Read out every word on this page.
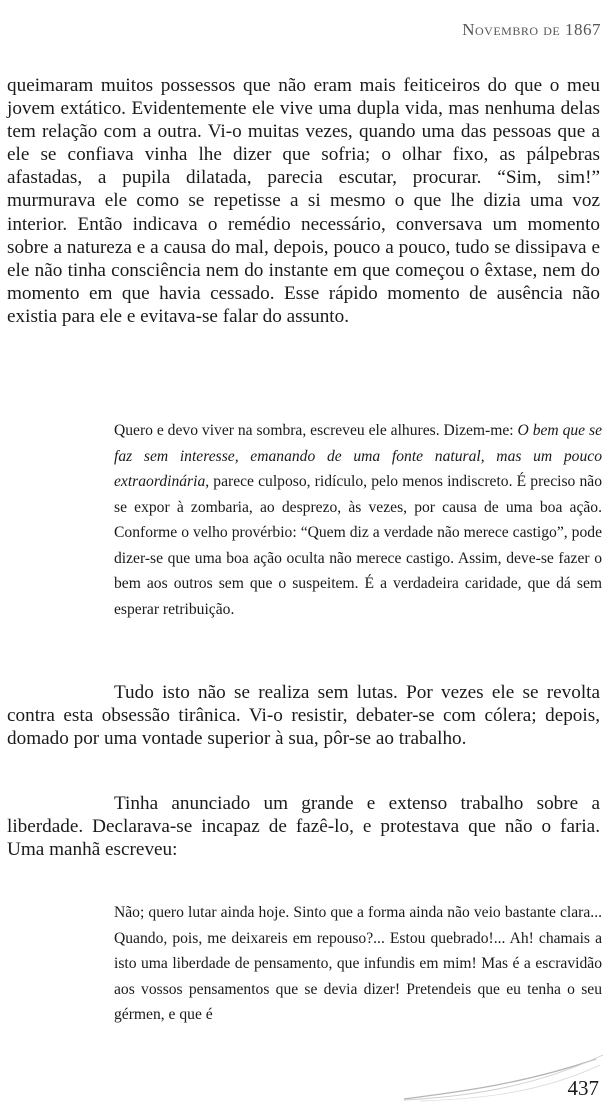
Novembro de 1867

queimaram muitos possessos que não eram mais feiticeiros do que o meu jovem extático. Evidentemente ele vive uma dupla vida, mas nenhuma delas tem relação com a outra. Vi-o muitas vezes, quando uma das pessoas que a ele se confiava vinha lhe dizer que sofria; o olhar fixo, as pálpebras afastadas, a pupila dilatada, parecia escutar, procurar. “Sim, sim!” murmurava ele como se repetisse a si mesmo o que lhe dizia uma voz interior. Então indicava o remédio necessário, conversava um momento sobre a natureza e a causa do mal, depois, pouco a pouco, tudo se dissipava e ele não tinha consciência nem do instante em que começou o êxtase, nem do momento em que havia cessado. Esse rápido momento de ausência não existia para ele e evitava-se falar do assunto.

Quero e devo viver na sombra, escreveu ele alhures. Dizem-me: O bem que se faz sem interesse, emanando de uma fonte natural, mas um pouco extraordinária, parece culposo, ridículo, pelo menos indiscreto. É preciso não se expor à zombaria, ao desprezo, às vezes, por causa de uma boa ação. Conforme o velho provérbio: “Quem diz a verdade não merece castigo”, pode dizer-se que uma boa ação oculta não merece castigo. Assim, deve-se fazer o bem aos outros sem que o suspeitem. É a verdadeira caridade, que dá sem esperar retribuição.

Tudo isto não se realiza sem lutas. Por vezes ele se revolta contra esta obsessão tirânica. Vi-o resistir, debater-se com cólera; depois, domado por uma vontade superior à sua, pôr-se ao trabalho.

Tinha anunciado um grande e extenso trabalho sobre a liberdade. Declarava-se incapaz de fazê-lo, e protestava que não o faria. Uma manhã escreveu:

Não; quero lutar ainda hoje. Sinto que a forma ainda não veio bastante clara... Quando, pois, me deixareis em repouso?... Estou quebrado!... Ah! chamais a isto uma liberdade de pensamento, que infundis em mim! Mas é a escravidão aos vossos pensamentos que se devia dizer! Pretendeis que eu tenha o seu gérmen, e que é

437
